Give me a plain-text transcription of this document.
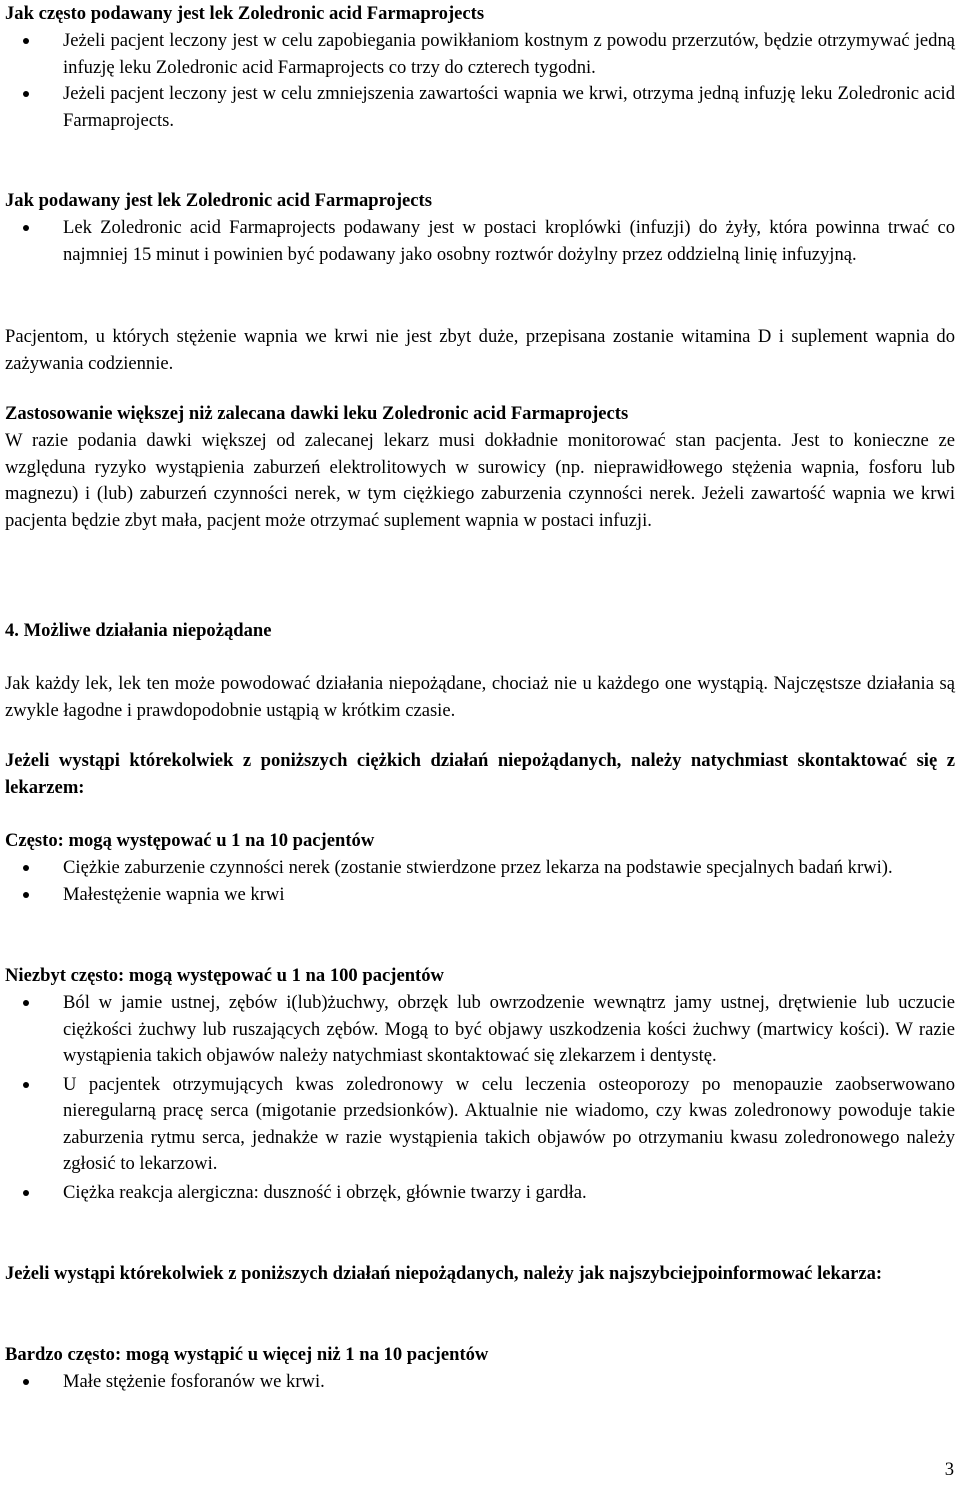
Jak często podawany jest lek Zoledronic acid Farmaprojects

Jeżeli pacjent leczony jest w celu zapobiegania powikłaniom kostnym z powodu przerzutów, będzie otrzymywać jedną infuzję leku Zoledronic acid Farmaprojects co trzy do czterech tygodni.
Jeżeli pacjent leczony jest w celu zmniejszenia zawartości wapnia we krwi, otrzyma jedną infuzję leku Zoledronic acid Farmaprojects.

Jak podawany jest lek Zoledronic acid Farmaprojects

Lek Zoledronic acid Farmaprojects podawany jest w postaci kroplówki (infuzji) do żyły, która powinna trwać co najmniej 15 minut i powinien być podawany jako osobny roztwór dożylny przez oddzielną linię infuzyjną.

Pacjentom, u których stężenie wapnia we krwi nie jest zbyt duże, przepisana zostanie witamina D i suplement wapnia do zażywania codziennie.

Zastosowanie większej niż zalecana dawki leku Zoledronic acid Farmaprojects

W razie podania dawki większej od zalecanej lekarz musi dokładnie monitorować stan pacjenta. Jest to konieczne ze względuna ryzyko wystąpienia zaburzeń elektrolitowych w surowicy (np. nieprawidłowego stężenia wapnia, fosforu lub magnezu) i (lub) zaburzeń czynności nerek, w tym ciężkiego zaburzenia czynności nerek. Jeżeli zawartość wapnia we krwi pacjenta będzie zbyt mała, pacjent może otrzymać suplement wapnia w postaci infuzji.

4. Możliwe działania niepożądane

Jak każdy lek, lek ten może powodować działania niepożądane, chociaż nie u każdego one wystąpią. Najczęstsze działania są zwykle łagodne i prawdopodobnie ustąpią w krótkim czasie.

Jeżeli wystąpi którekolwiek z poniższych ciężkich działań niepożądanych, należy natychmiast skontaktować się z lekarzem:

Często: mogą występować u 1 na 10 pacjentów

Ciężkie zaburzenie czynności nerek (zostanie stwierdzone przez lekarza na podstawie specjalnych badań krwi).
Małestężenie wapnia we krwi

Niezbyt często: mogą występować u 1 na 100 pacjentów

Ból w jamie ustnej, zębów i(lub)żuchwy, obrzęk lub owrzodzenie wewnątrz jamy ustnej, drętwienie lub uczucie ciężkości żuchwy lub ruszających zębów. Mogą to być objawy uszkodzenia kości żuchwy (martwicy kości). W razie wystąpienia takich objawów należy natychmiast skontaktować się zlekarzem i dentystę.
U pacjentek otrzymujących kwas zoledronowy w celu leczenia osteoporozy po menopauzie zaobserwowano nieregularną pracę serca (migotanie przedsionków). Aktualnie nie wiadomo, czy kwas zoledronowy powoduje takie zaburzenia rytmu serca, jednakże w razie wystąpienia takich objawów po otrzymaniu kwasu zoledronowego należy zgłosić to lekarzowi.
Ciężka reakcja alergiczna: duszność i obrzęk, głównie twarzy i gardła.

Jeżeli wystąpi którekolwiek z poniższych działań niepożądanych, należy jak najszybciejpoinformować lekarza:

Bardzo często: mogą wystąpić u więcej niż 1 na 10 pacjentów

Małe stężenie fosforanów we krwi.
3
